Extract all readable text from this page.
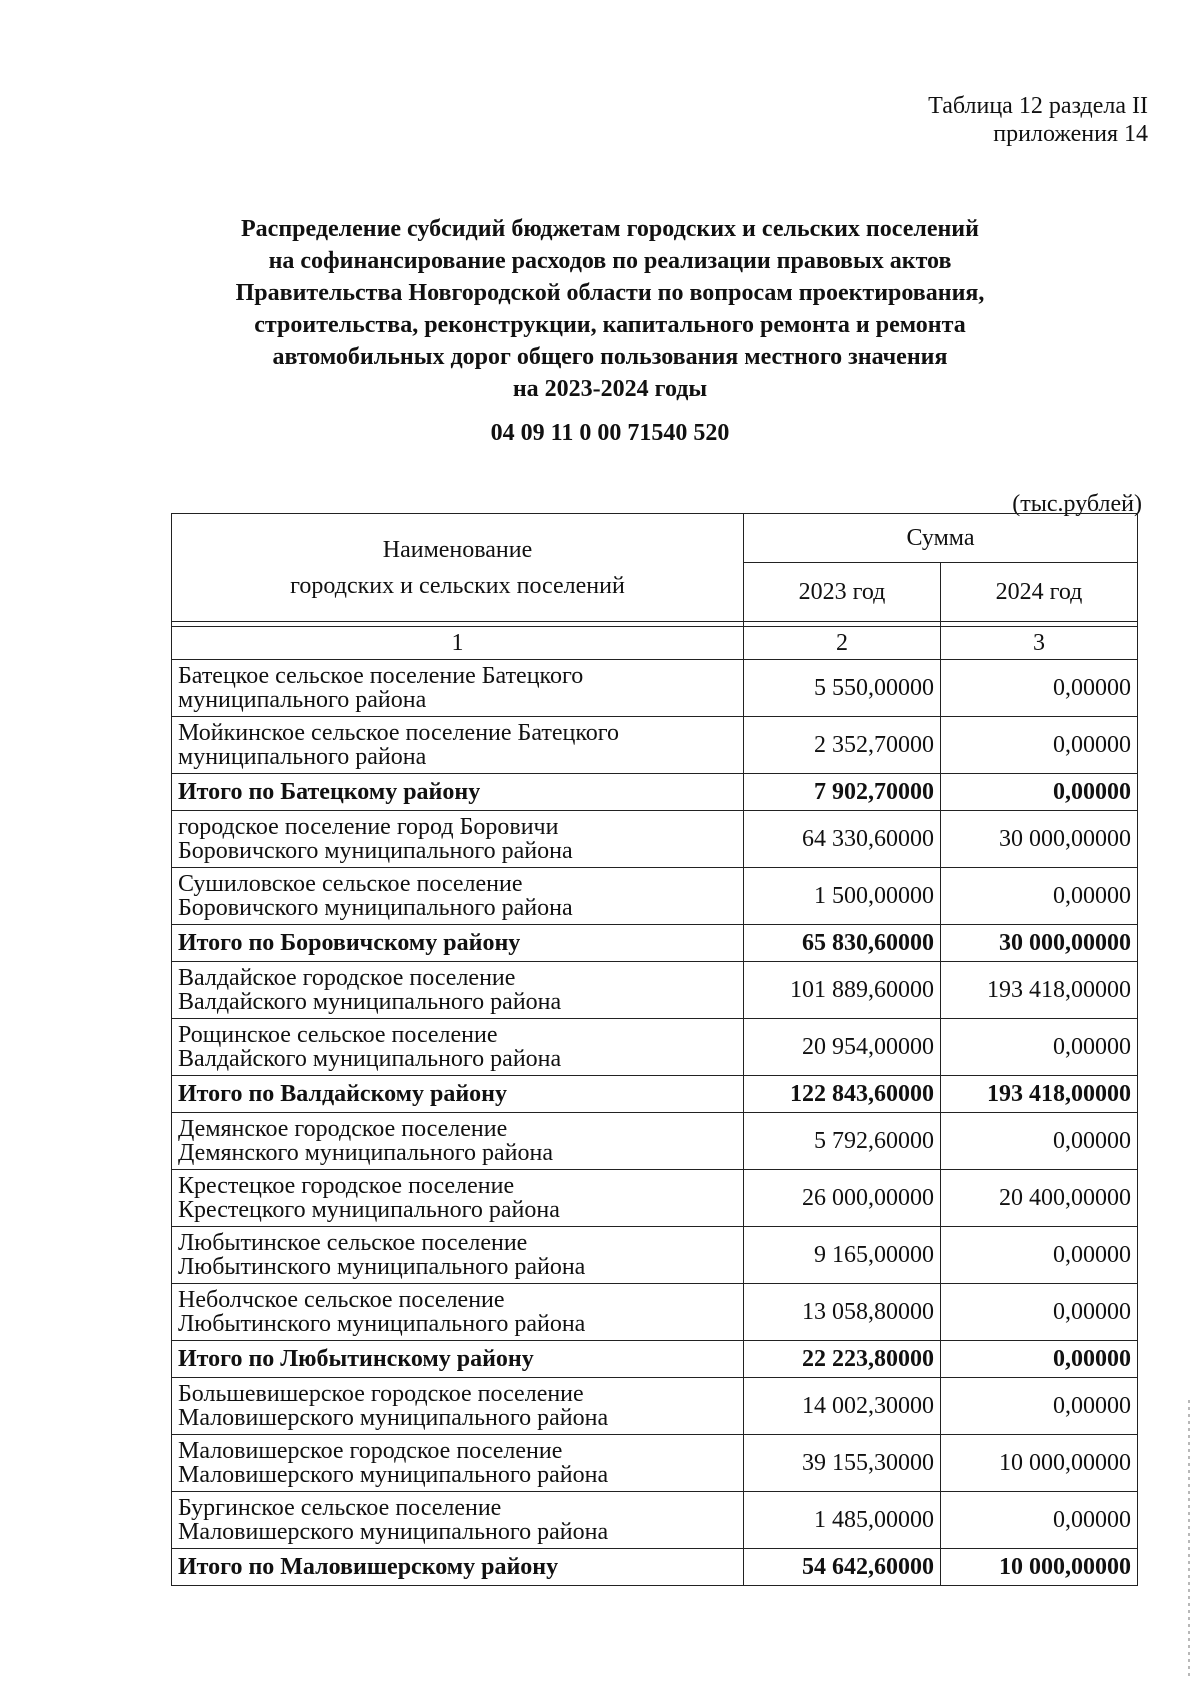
Таблица 12 раздела II
приложения 14
Распределение субсидий бюджетам городских и сельских поселений
на софинансирование расходов по реализации правовых актов
Правительства Новгородской области по вопросам проектирования,
строительства, реконструкции, капитального ремонта и ремонта
автомобильных дорог общего пользования местного значения
на 2023-2024 годы
04 09 11 0 00 71540 520
(тыс.рублей)
Наименование
городских и сельских поселений	Сумма	
	2023 год	2024 год

1	2	3

Батецкое сельское поселение Батецкого
муниципального района	5 550,00000	0,00000

Мойкинское сельское поселение Батецкого
муниципального района	2 352,70000	0,00000

Итого по Батецкому району	7 902,70000	0,00000

городское поселение город Боровичи
Боровичского муниципального района	64 330,60000	30 000,00000

Сушиловское сельское поселение
Боровичского муниципального района	1 500,00000	0,00000

Итого по Боровичскому району	65 830,60000	30 000,00000

Валдайское городское поселение
Валдайского муниципального района	101 889,60000	193 418,00000

Рощинское сельское поселение
Валдайского муниципального района	20 954,00000	0,00000

Итого по Валдайскому району	122 843,60000	193 418,00000

Демянское городское поселение
Демянского муниципального района	5 792,60000	0,00000

Крестецкое городское поселение
Крестецкого муниципального района	26 000,00000	20 400,00000

Любытинское сельское поселение
Любытинского муниципального района	9 165,00000	0,00000

Неболчское сельское поселение
Любытинского муниципального района	13 058,80000	0,00000

Итого по Любытинскому району	22 223,80000	0,00000

Большевишерское городское поселение
Маловишерского муниципального района	14 002,30000	0,00000

Маловишерское городское поселение
Маловишерского муниципального района	39 155,30000	10 000,00000

Бургинское сельское поселение
Маловишерского муниципального района	1 485,00000	0,00000

Итого по Маловишерскому району	54 642,60000	10 000,00000
